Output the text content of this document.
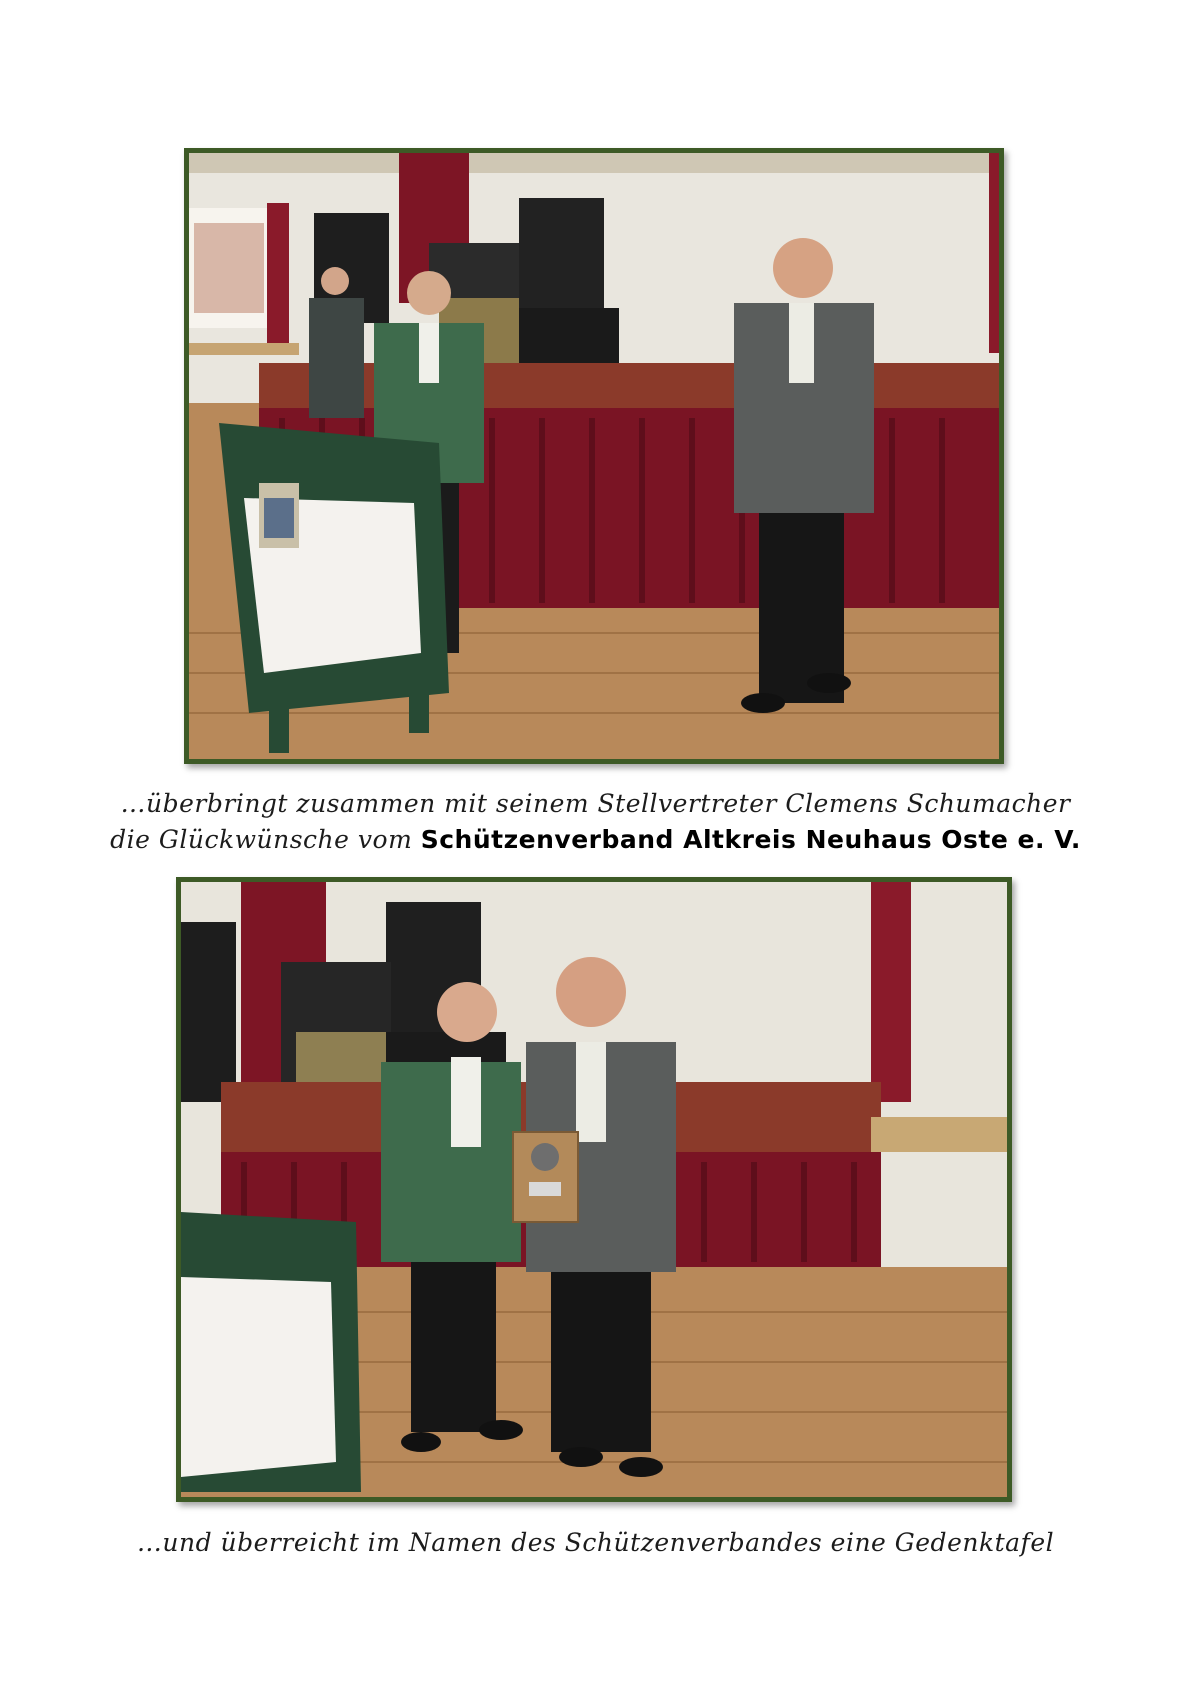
…überbringt zusammen mit seinem Stellvertreter Clemens Schumacher
die Glückwünsche vom Schützenverband Altkreis Neuhaus Oste e. V.
…und überreicht im Namen des Schützenverbandes eine Gedenktafel
